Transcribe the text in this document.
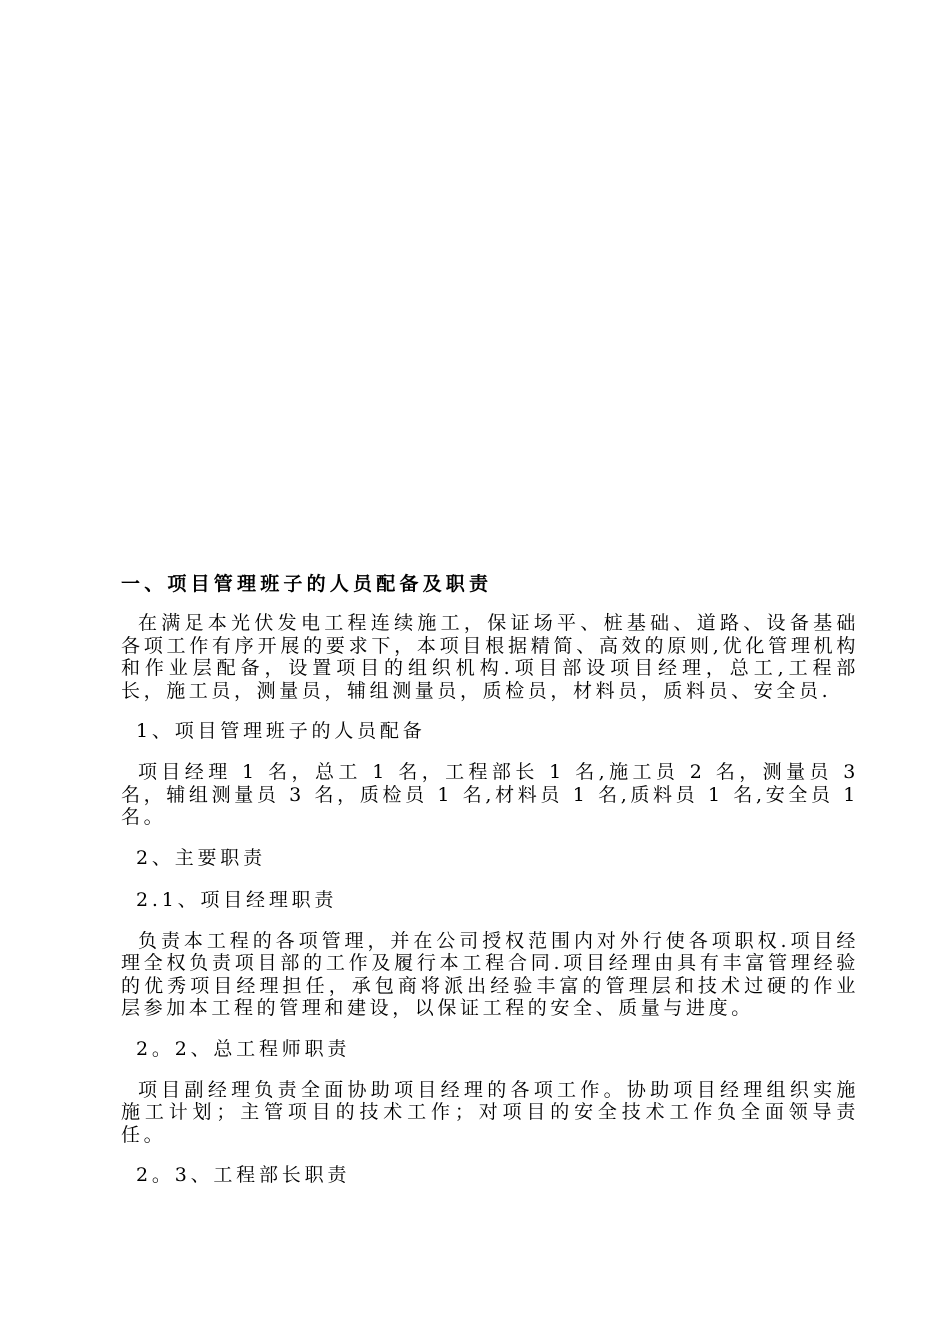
一、项目管理班子的人员配备及职责

在满足本光伏发电工程连续施工，保证场平、桩基础、道路、设备基础各项工作有序开展的要求下，本项目根据精简、高效的原则,优化管理机构和作业层配备，设置项目的组织机构.项目部设项目经理，总工,工程部长，施工员，测量员，辅组测量员，质检员，材料员，质料员、安全员.

1、项目管理班子的人员配备

项目经理 1 名，总工 1 名，工程部长 1 名,施工员 2 名，测量员 3 名，辅组测量员 3 名，质检员 1 名,材料员 1 名,质料员 1 名,安全员 1 名。

2、主要职责
2.1、项目经理职责

负责本工程的各项管理，并在公司授权范围内对外行使各项职权.项目经理全权负责项目部的工作及履行本工程合同.项目经理由具有丰富管理经验的优秀项目经理担任，承包商将派出经验丰富的管理层和技术过硬的作业层参加本工程的管理和建设，以保证工程的安全、质量与进度。

2。2、总工程师职责

项目副经理负责全面协助项目经理的各项工作。协助项目经理组织实施施工计划；主管项目的技术工作；对项目的安全技术工作负全面领导责任。

2。3、工程部长职责
